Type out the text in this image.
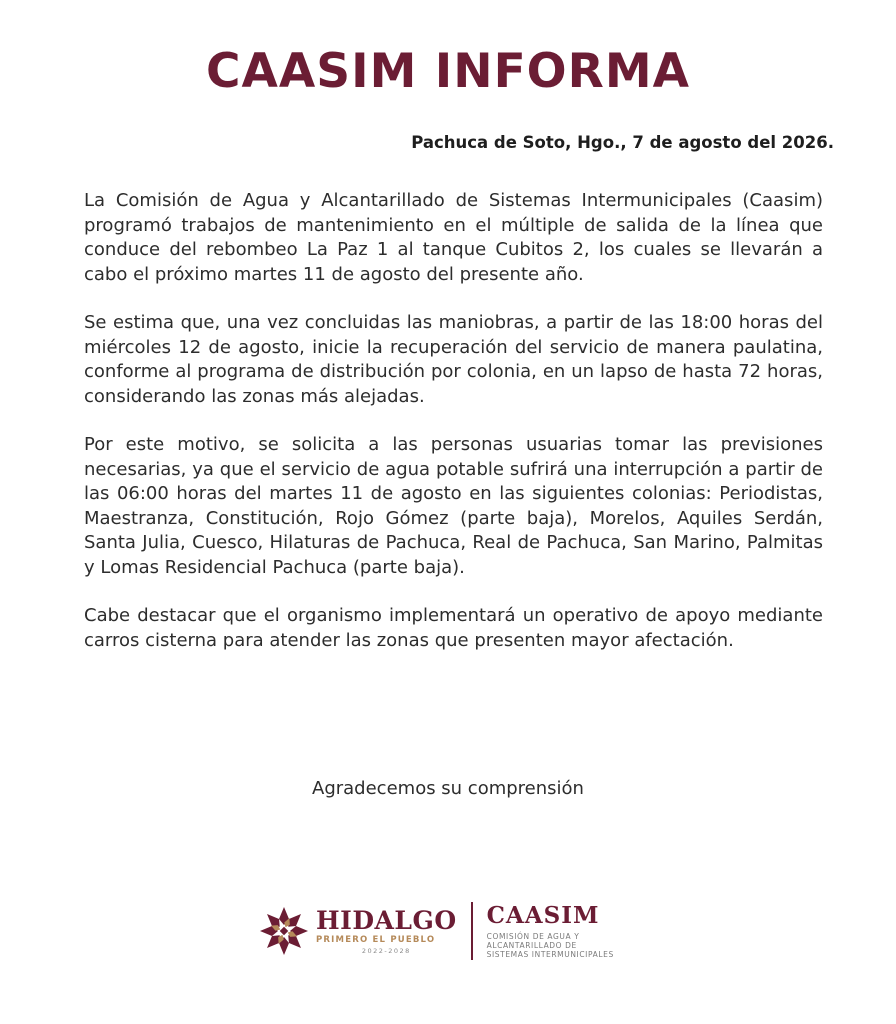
CAASIM INFORMA
Pachuca de Soto, Hgo., 7 de agosto del 2026.

La Comisión de Agua y Alcantarillado de Sistemas Intermunicipales (Caasim) programó trabajos de mantenimiento en el múltiple de salida de la línea que conduce del rebombeo La Paz 1 al tanque Cubitos 2, los cuales se llevarán a cabo el próximo martes 11 de agosto del presente año.

Se estima que, una vez concluidas las maniobras, a partir de las 18:00 horas del miércoles 12 de agosto, inicie la recuperación del servicio de manera paulatina, conforme al programa de distribución por colonia, en un lapso de hasta 72 horas, considerando las zonas más alejadas.

Por este motivo, se solicita a las personas usuarias tomar las previsiones necesarias, ya que el servicio de agua potable sufrirá una interrupción a partir de las 06:00 horas del martes 11 de agosto en las siguientes colonias: Periodistas, Maestranza, Constitución, Rojo Gómez (parte baja), Morelos, Aquiles Serdán, Santa Julia, Cuesco, Hilaturas de Pachuca, Real de Pachuca, San Marino, Palmitas y Lomas Residencial Pachuca (parte baja).

Cabe destacar que el organismo implementará un operativo de apoyo mediante carros cisterna para atender las zonas que presenten mayor afectación.

Agradecemos su comprensión
HIDALGO
PRIMERO EL PUEBLO
2022-2028
CAASIM
COMISIÓN DE AGUA Y
ALCANTARILLADO DE
SISTEMAS INTERMUNICIPALES
